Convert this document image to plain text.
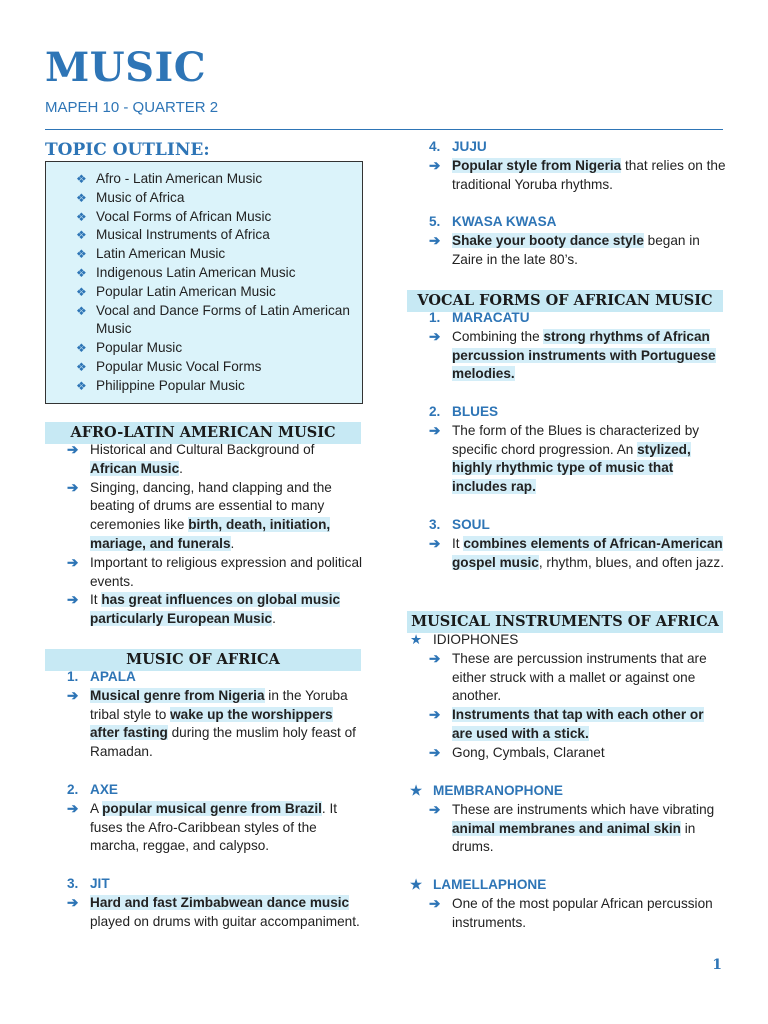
MUSIC
MAPEH 10 - QUARTER 2
TOPIC OUTLINE:
❖ Afro - Latin American Music
❖ Music of Africa
❖ Vocal Forms of African Music
❖ Musical Instruments of Africa
❖ Latin American Music
❖ Indigenous Latin American Music
❖ Popular Latin American Music
❖ Vocal and Dance Forms of Latin American Music
❖ Popular Music
❖ Popular Music Vocal Forms
❖ Philippine Popular Music
AFRO-LATIN AMERICAN MUSIC
➔ Historical and Cultural Background of African Music.
➔ Singing, dancing, hand clapping and the beating of drums are essential to many ceremonies like birth, death, initiation, mariage, and funerals.
➔ Important to religious expression and political events.
➔ It has great influences on global music particularly European Music.
MUSIC OF AFRICA
1. APALA
➔ Musical genre from Nigeria in the Yoruba tribal style to wake up the worshippers after fasting during the muslim holy feast of Ramadan.
2. AXE
➔ A popular musical genre from Brazil. It fuses the Afro-Caribbean styles of the marcha, reggae, and calypso.
3. JIT
➔ Hard and fast Zimbabwean dance music played on drums with guitar accompaniment.
4. JUJU
➔ Popular style from Nigeria that relies on the traditional Yoruba rhythms.
5. KWASA KWASA
➔ Shake your booty dance style began in Zaire in the late 80’s.
VOCAL FORMS OF AFRICAN MUSIC
1. MARACATU
➔ Combining the strong rhythms of African percussion instruments with Portuguese melodies.
2. BLUES
➔ The form of the Blues is characterized by specific chord progression. An stylized, highly rhythmic type of music that includes rap.
3. SOUL
➔ It combines elements of African-American gospel music, rhythm, blues, and often jazz.
MUSICAL INSTRUMENTS OF AFRICA
★ IDIOPHONES
➔ These are percussion instruments that are either struck with a mallet or against one another.
➔ Instruments that tap with each other or are used with a stick.
➔ Gong, Cymbals, Claranet
★ MEMBRANOPHONE
➔ These are instruments which have vibrating animal membranes and animal skin in drums.
★ LAMELLAPHONE
➔ One of the most popular African percussion instruments.
1
